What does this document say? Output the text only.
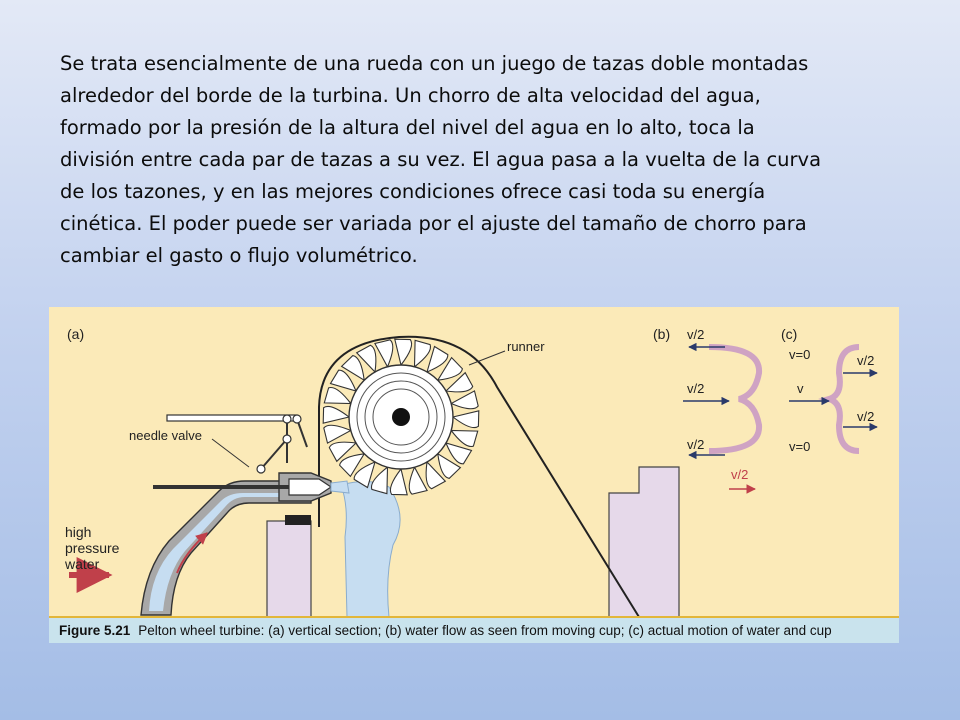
Se trata esencialmente de una rueda con un juego de tazas doble montadas
alrededor del borde de la turbina. Un chorro de alta velocidad del agua,
formado por la presión de la altura del nivel del agua en lo alto, toca la
división entre cada par de tazas a su vez. El agua pasa a la vuelta de la curva
de los tazones, y en las mejores condiciones ofrece casi toda su energía
cinética. El poder puede ser variada por el ajuste del tamaño de chorro para
cambiar el gasto o flujo volumétrico.
(a)
runner
needle valve
high
pressure
water
(b) v/2
v/2
v/2
v/2
(c)
v=0	v/2
v
v=0
v/2
Figure 5.21 Pelton wheel turbine: (a) vertical section; (b) water flow as seen from moving cup; (c) actual motion of water and cup
